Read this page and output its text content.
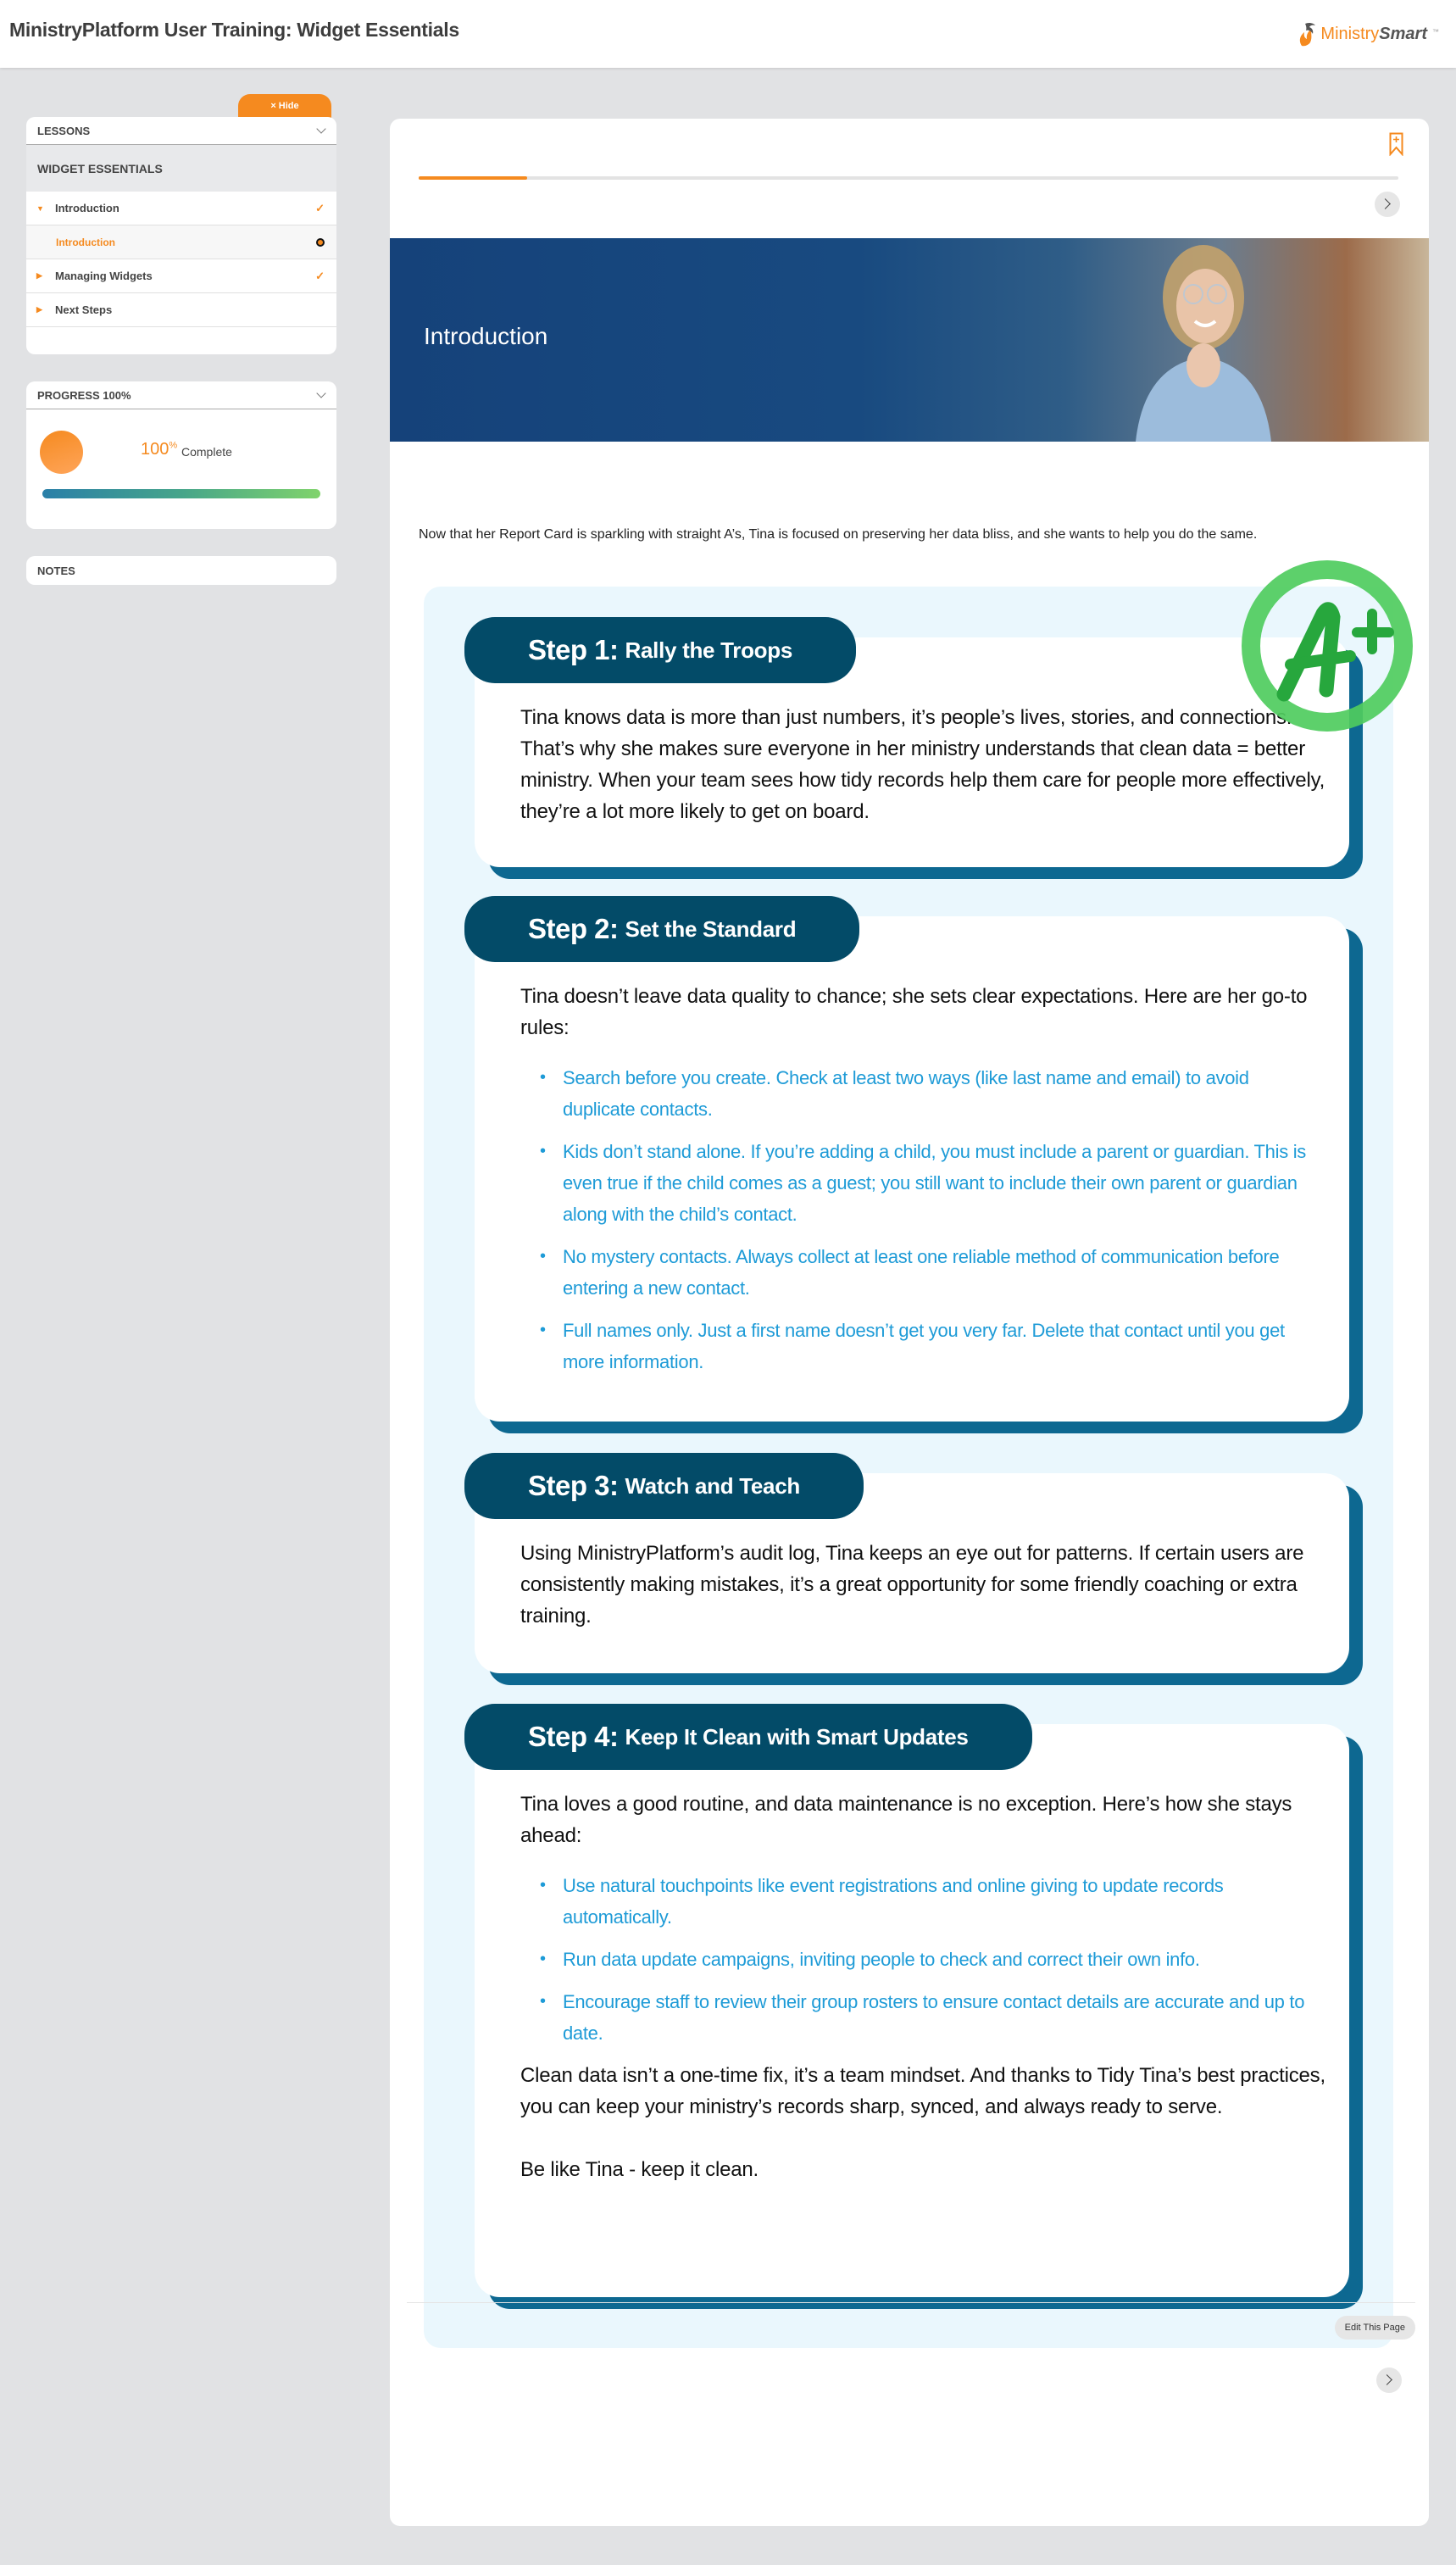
MinistryPlatform User Training: Widget Essentials	MinistrySmart ™
× Hide
LESSONS
WIDGET ESSENTIALS
▼ Introduction	✓
Introduction
▶	Managing Widgets	✓
▶	Next Steps
PROGRESS 100%
100% Complete
NOTES
Introduction
Now that her Report Card is sparkling with straight A’s, Tina is focused on preserving her data bliss, and she wants to help you do the same.

Tina knows data is more than just numbers, it’s people’s lives, stories, and connections. That’s why she makes sure everyone in her ministry understands that clean data = better ministry. When your team sees how tidy records help them care for people more effectively, they’re a lot more likely to get on board.

Step 1: Rally the Troops

Tina doesn’t leave data quality to chance; she sets clear expectations. Here are her go-to rules:

• Search before you create. Check at least two ways (like last name and email) to avoid duplicate contacts.
• Kids don’t stand alone. If you’re adding a child, you must include a parent or guardian. This is even true if the child comes as a guest; you still want to include their own parent or guardian along with the child’s contact.
• No mystery contacts. Always collect at least one reliable method of communication before entering a new contact.
• Full names only. Just a first name doesn’t get you very far. Delete that contact until you get more information.
Step 2: Set the Standard

Using MinistryPlatform’s audit log, Tina keeps an eye out for patterns. If certain users are consistently making mistakes, it’s a great opportunity for some friendly coaching or extra training.

Step 3: Watch and Teach

Tina loves a good routine, and data maintenance is no exception. Here’s how she stays ahead:

• Use natural touchpoints like event registrations and online giving to update records automatically.
• Run data update campaigns, inviting people to check and correct their own info.
• Encourage staff to review their group rosters to ensure contact details are accurate and up to date.

Clean data isn’t a one-time fix, it’s a team mindset. And thanks to Tidy Tina’s best practices, you can keep your ministry’s records sharp, synced, and always ready to serve.

Be like Tina - keep it clean.

Step 4: Keep It Clean with Smart Updates
Edit This Page
